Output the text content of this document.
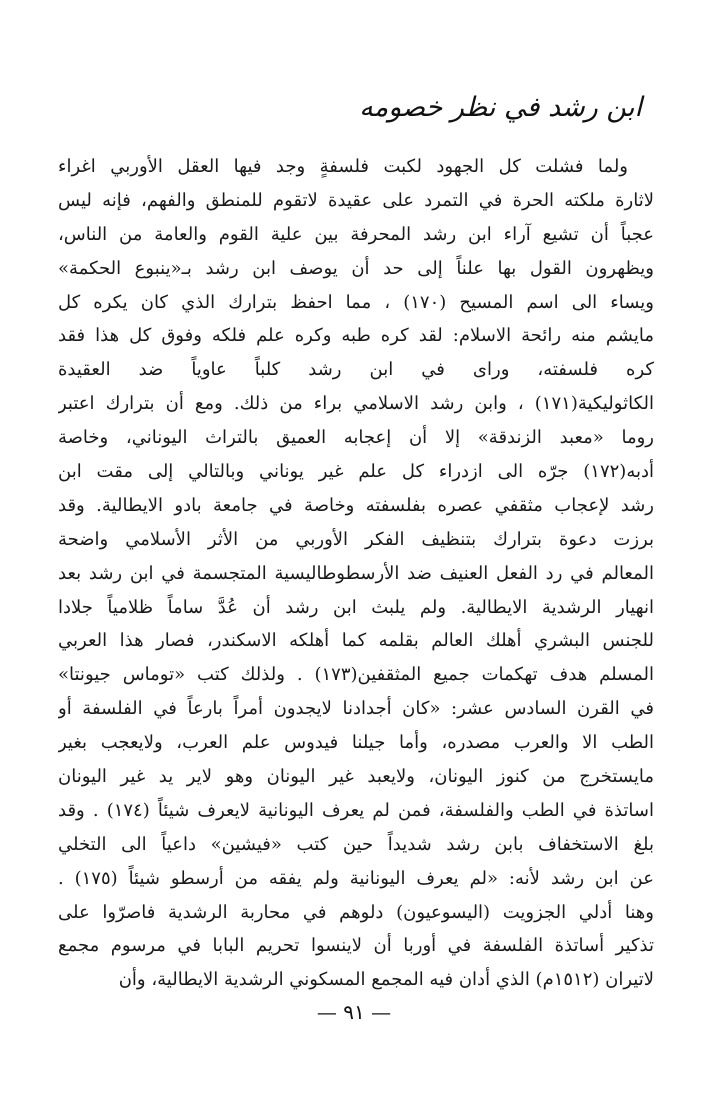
ابن رشد في نظر خصومه
ولما فشلت كل الجهود لكبت فلسفةٍ وجد فيها العقل الأوربي اغراء
لاثارة ملكته الحرة في التمرد على عقيدة لاتقوم للمنطق والفهم، فإنه ليس
عجباً أن تشيع آراء ابن رشد المحرفة بين علية القوم والعامة من الناس،
ويظهرون القول بها علناً إلى حد أن يوصف ابن رشد بـ«ينبوع الحكمة»
ويساء الى اسم المسيح (١٧٠) ، مما احفظ بترارك الذي كان يكره كل
مايشم منه رائحة الاسلام: لقد كره طبه وكره علم فلكه وفوق كل هذا فقد
كره فلسفته، وراى في ابن رشد كلباً عاوياً ضد العقيدة
الكاثوليكية(١٧١) ، وابن رشد الاسلامي براء من ذلك. ومع أن بترارك اعتبر
روما «معبد الزندقة» إلا أن إعجابه العميق بالتراث اليوناني، وخاصة
أدبه(١٧٢) جرّه الى ازدراء كل علم غير يوناني وبالتالي إلى مقت ابن
رشد لإعجاب مثقفي عصره بفلسفته وخاصة في جامعة بادو الايطالية. وقد
برزت دعوة بترارك بتنظيف الفكر الأوربي من الأثر الأسلامي واضحة
المعالم في رد الفعل العنيف ضد الأرسطوطاليسية المتجسمة في ابن رشد بعد
انهيار الرشدية الايطالية. ولم يلبث ابن رشد أن عُدَّ ساماً ظلامياً جلادا
للجنس البشري أهلك العالم بقلمه كما أهلكه الاسكندر، فصار هذا العربي
المسلم هدف تهكمات جميع المثقفين(١٧٣) . ولذلك كتب «توماس جيونتا»
في القرن السادس عشر: «كان أجدادنا لايجدون أمراً بارعاً في الفلسفة أو
الطب الا والعرب مصدره، وأما جيلنا فيدوس علم العرب، ولايعجب بغير
مايستخرج من كنوز اليونان، ولايعبد غير اليونان وهو لاير يد غير اليونان
اساتذة في الطب والفلسفة، فمن لم يعرف اليونانية لايعرف شيئاً (١٧٤) . وقد
بلغ الاستخفاف بابن رشد شديداً حين كتب «فيشين» داعياً الى التخلي
عن ابن رشد لأنه: «لم يعرف اليونانية ولم يفقه من أرسطو شيئاً (١٧٥) .
وهنا أدلي الجزويت (اليسوعيون) دلوهم في محاربة الرشدية فاصرّوا على
تذكير أساتذة الفلسفة في أوربا أن لاينسوا تحريم البابا في مرسوم مجمع
لاتيران (١٥١٢م) الذي أدان فيه المجمع المسكوني الرشدية الايطالية، وأن
— ٩١ —
